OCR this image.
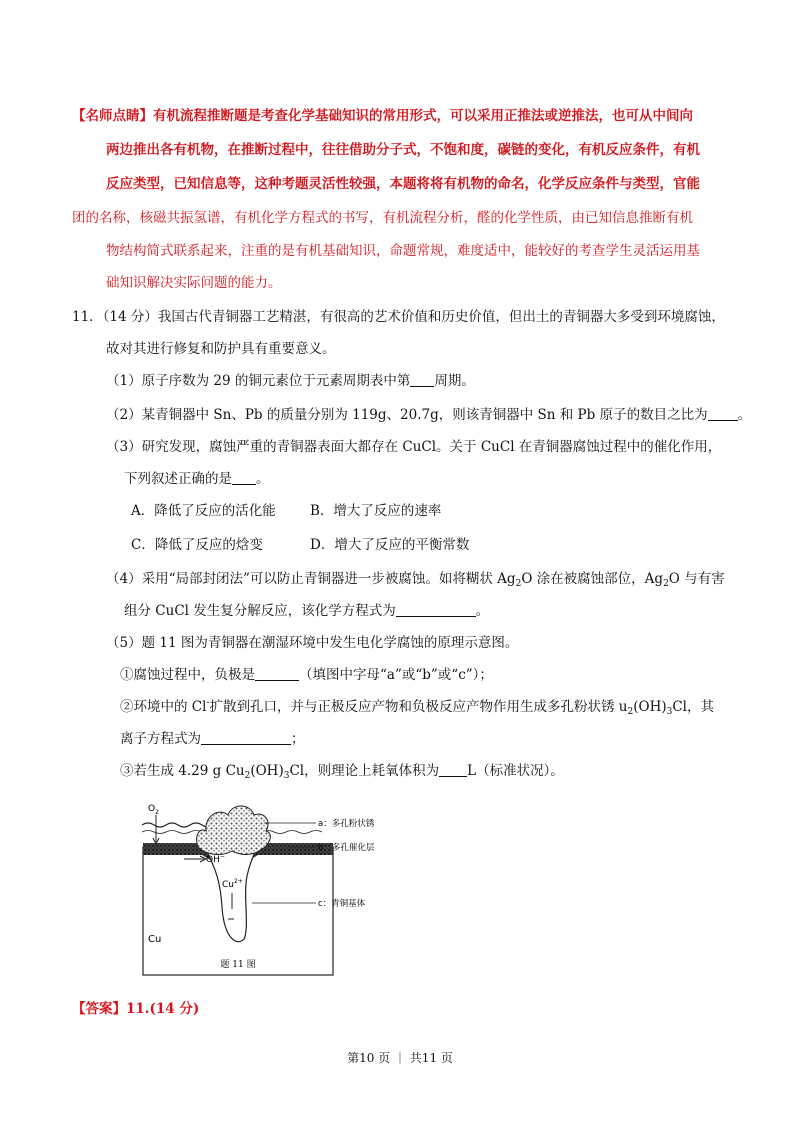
【名师点睛】有机流程推断题是考查化学基础知识的常用形式，可以采用正推法或逆推法，也可从中间向
两边推出各有机物，在推断过程中，往往借助分子式，不饱和度，碳链的变化，有机反应条件，有机
反应类型，已知信息等，这种考题灵活性较强，本题将将有机物的命名，化学反应条件与类型，官能
团的名称，核磁共振氢谱，有机化学方程式的书写，有机流程分析，醛的化学性质，由已知信息推断有机
物结构简式联系起来，注重的是有机基础知识，命题常规，难度适中，能较好的考查学生灵活运用基
础知识解决实际问题的能力。
11．（14 分）我国古代青铜器工艺精湛，有很高的艺术价值和历史价值，但出土的青铜器大多受到环境腐蚀，
故对其进行修复和防护具有重要意义。
（1）原子序数为 29 的铜元素位于元素周期表中第 周期。
（2）某青铜器中 Sn、Pb 的质量分别为 119g、20.7g，则该青铜器中 Sn 和 Pb 原子的数目之比为 。
（3）研究发现，腐蚀严重的青铜器表面大都存在 CuCl。关于 CuCl 在青铜器腐蚀过程中的催化作用，
下列叙述正确的是 。
A．降低了反应的活化能	B．增大了反应的速率
C．降低了反应的焓变	D．增大了反应的平衡常数
（4）采用“局部封闭法”可以防止青铜器进一步被腐蚀。如将糊状 $Ag_2O$ 涂在被腐蚀部位，$Ag_2O$ 与有害
组分 CuCl 发生复分解反应，该化学方程式为	。
（5）题 11 图为青铜器在潮湿环境中发生电化学腐蚀的原理示意图。
①腐蚀过程中，负极是	（填图中字母“a”或“b”或“c”）；
②环境中的 Cl-扩散到孔口，并与正极反应产物和负极反应产物作用生成多孔粉状锈 $u_2(OH)_3Cl$，其
离子方程式为	；
③若生成 4.29 g $Cu_2(OH)_3Cl$，则理论上耗氧体积为 L（标准状况）。
$O_2$
OH−
$Cu^{2+}$
Cu
a：多孔粉状锈
b：多孔催化层
c：青铜基体
题 11 图
【答案】11.(14 分)
第10 页 ｜ 共11 页
